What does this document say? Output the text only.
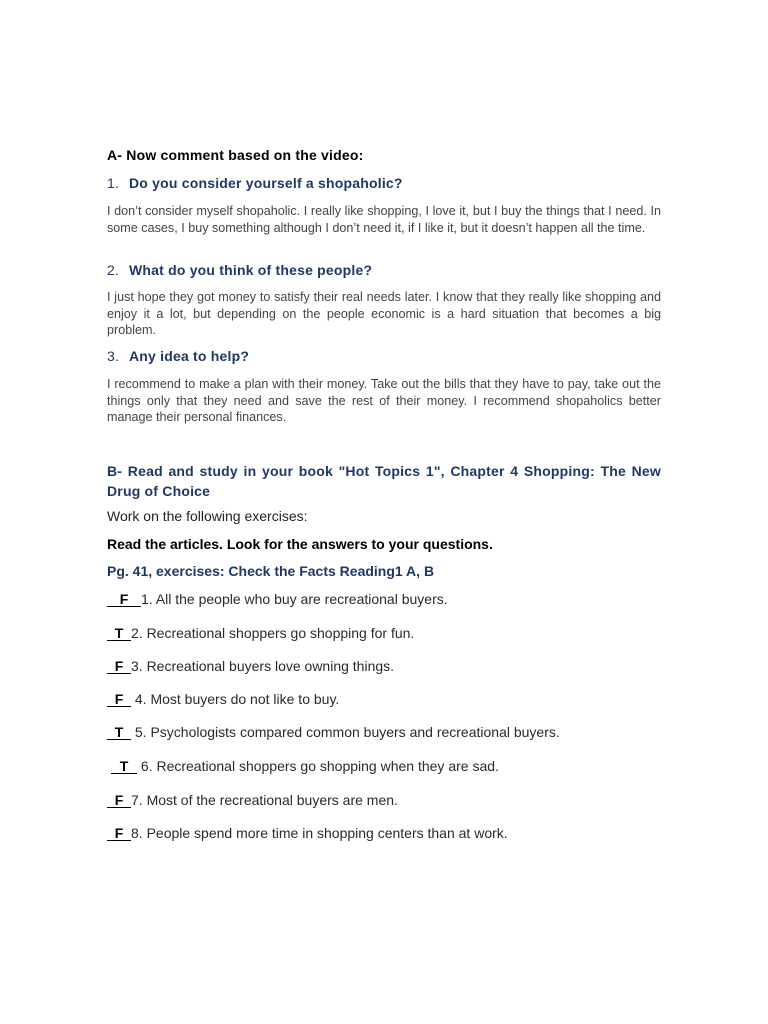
A- Now comment based on the video:
1. Do you consider yourself a shopaholic?
I don’t consider myself shopaholic. I really like shopping, I love it, but I buy the things that I need. In some cases, I buy something although I don’t need it, if I like it, but it doesn’t happen all the time.
2. What do you think of these people?
I just hope they got money to satisfy their real needs later. I know that they really like shopping and enjoy it a lot, but depending on the people economic is a hard situation that becomes a big problem.
3. Any idea to help?
I recommend to make a plan with their money. Take out the bills that they have to pay, take out the things only that they need and save the rest of their money. I recommend shopaholics better manage their personal finances.
B- Read and study in your book "Hot Topics 1", Chapter 4 Shopping: The New Drug of Choice
Work on the following exercises:
Read the articles. Look for the answers to your questions.
Pg. 41, exercises: Check the Facts Reading1 A, B
F 1. All the people who buy are recreational buyers.
T 2. Recreational shoppers go shopping for fun.
F 3. Recreational buyers love owning things.
F 4. Most buyers do not like to buy.
T 5. Psychologists compared common buyers and recreational buyers.
T 6. Recreational shoppers go shopping when they are sad.
F 7. Most of the recreational buyers are men.
F 8. People spend more time in shopping centers than at work.
